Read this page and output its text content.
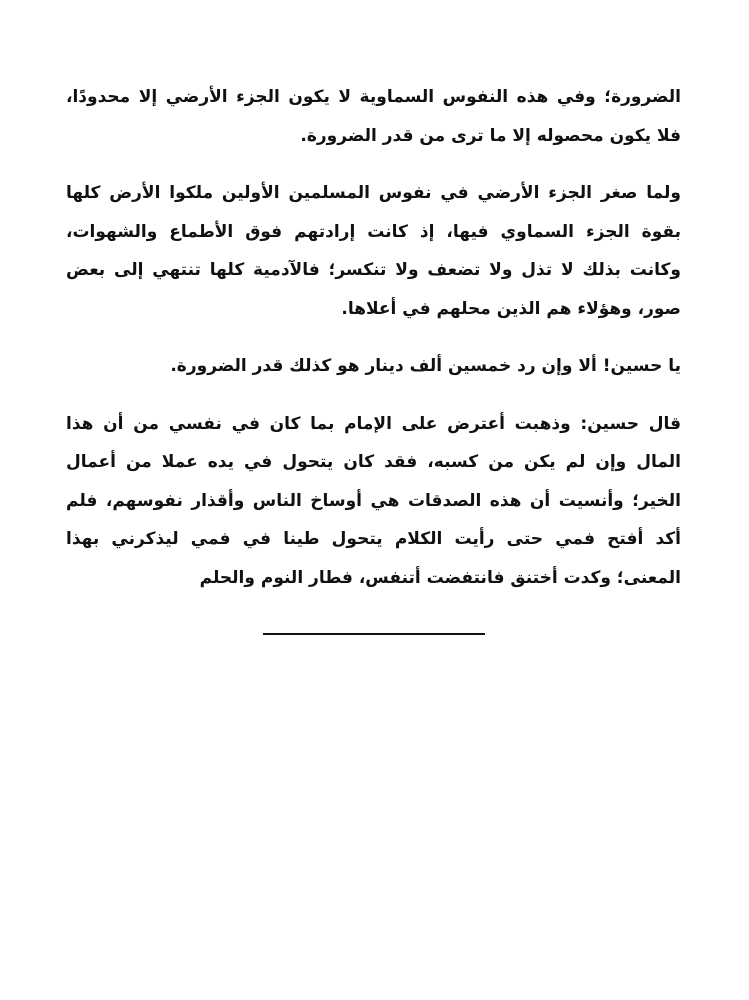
الضرورة؛ وفي هذه النفوس السماوية لا يكون الجزء الأرضي إلا محدودًا، فلا يكون محصوله إلا ما ترى من قدر الضرورة.

ولما صغر الجزء الأرضي في نفوس المسلمين الأولين ملكوا الأرض كلها بقوة الجزء السماوي فيها، إذ كانت إرادتهم فوق الأطماع والشهوات، وكانت بذلك لا تذل ولا تضعف ولا تنكسر؛ فالآدمية كلها تنتهي إلى بعض صور، وهؤلاء هم الذين محلهم في أعلاها.

يا حسين! ألا وإن رد خمسين ألف دينار هو كذلك قدر الضرورة.

قال حسين: وذهبت أعترض على الإمام بما كان في نفسي من أن هذا المال وإن لم يكن من كسبه، فقد كان يتحول في يده عملا من أعمال الخير؛ وأنسيت أن هذه الصدقات هي أوساخ الناس وأقذار نفوسهم، فلم أكد أفتح فمي حتى رأيت الكلام يتحول طينا في فمي ليذكرني بهذا المعنى؛ وكدت أختنق فانتفضت أتنفس، فطار النوم والحلم
